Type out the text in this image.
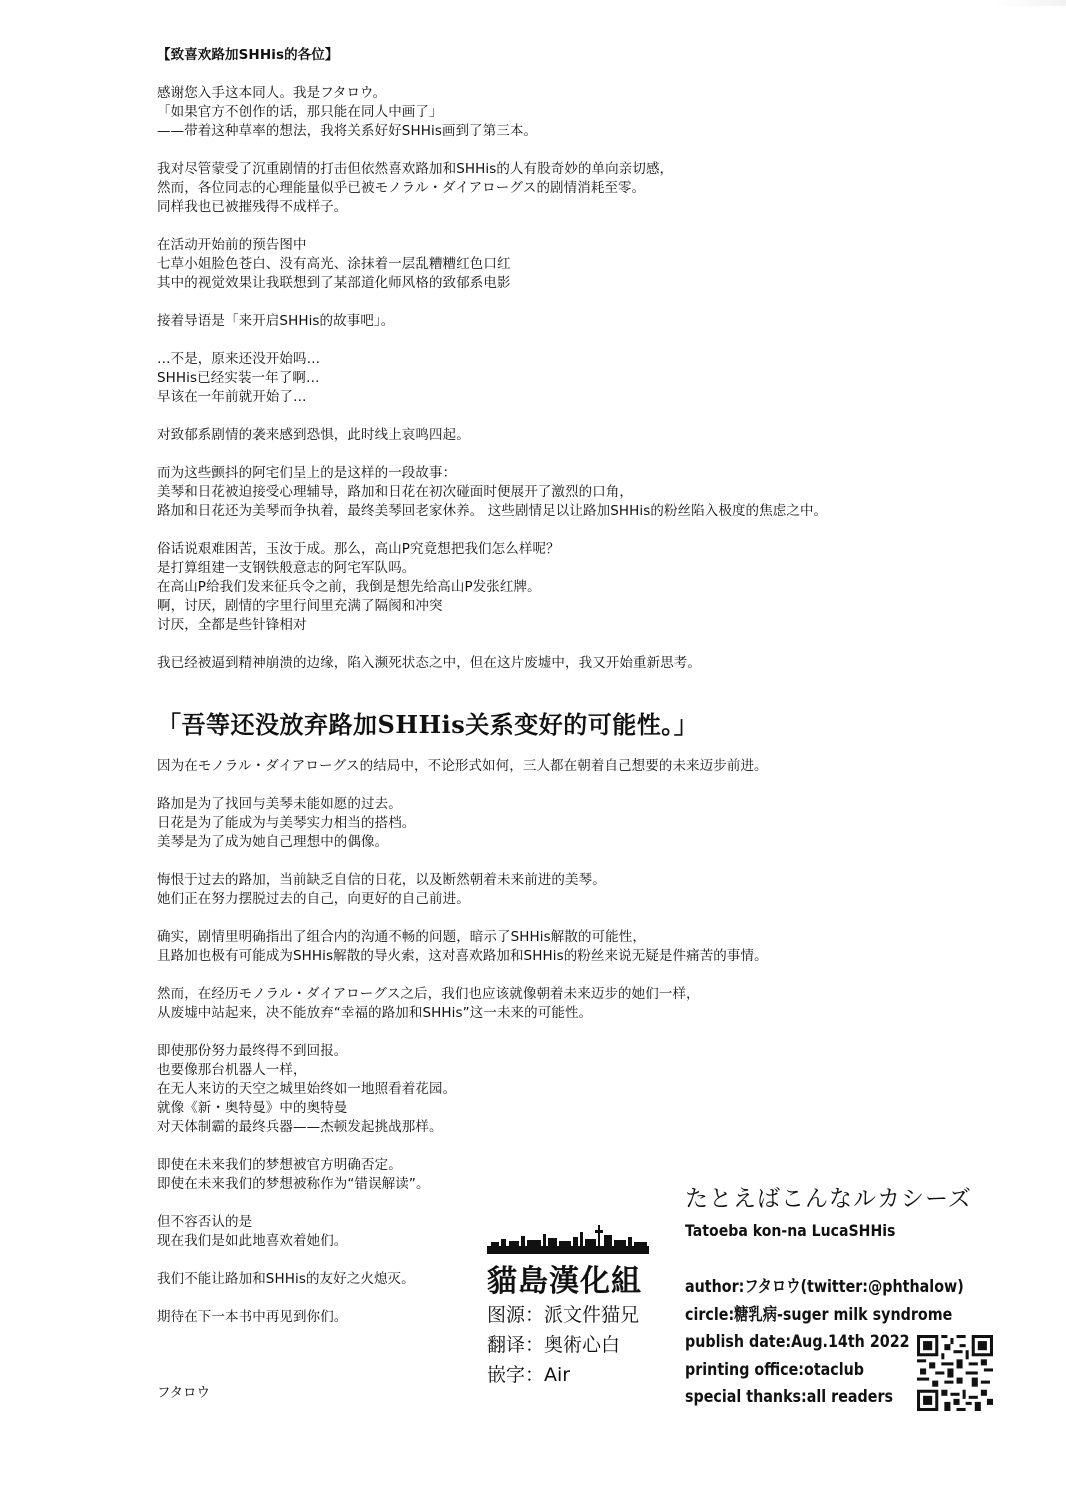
【致喜欢路加SHHis的各位】

感谢您入手这本同人。我是フタロウ。
「如果官方不创作的话，那只能在同人中画了」
——带着这种草率的想法，我将关系好好SHHis画到了第三本。

我对尽管蒙受了沉重剧情的打击但依然喜欢路加和SHHis的人有股奇妙的单向亲切感，
然而，各位同志的心理能量似乎已被モノラル・ダイアローグス的剧情消耗至零。
同样我也已被摧残得不成样子。

在活动开始前的预告图中
七草小姐脸色苍白、没有高光、涂抹着一层乱糟糟红色口红
其中的视觉效果让我联想到了某部道化师风格的致郁系电影

接着导语是「来开启SHHis的故事吧」。

…不是，原来还没开始吗…
SHHis已经实装一年了啊…
早该在一年前就开始了…

对致郁系剧情的袭来感到恐惧，此时线上哀鸣四起。

而为这些颤抖的阿宅们呈上的是这样的一段故事：
美琴和日花被迫接受心理辅导，路加和日花在初次碰面时便展开了激烈的口角，
路加和日花还为美琴而争执着，最终美琴回老家休养。 这些剧情足以让路加SHHis的粉丝陷入极度的焦虑之中。

俗话说艰难困苦，玉汝于成。那么，高山P究竟想把我们怎么样呢？
是打算组建一支钢铁般意志的阿宅军队吗。
在高山P给我们发来征兵令之前，我倒是想先给高山P发张红牌。
啊，讨厌，剧情的字里行间里充满了隔阂和冲突
讨厌，全都是些针锋相对

我已经被逼到精神崩溃的边缘，陷入濒死状态之中，但在这片废墟中，我又开始重新思考。

「吾等还没放弃路加SHHis关系变好的可能性。」

因为在モノラル・ダイアローグス的结局中，不论形式如何，三人都在朝着自己想要的未来迈步前进。

路加是为了找回与美琴未能如愿的过去。
日花是为了能成为与美琴实力相当的搭档。
美琴是为了成为她自己理想中的偶像。

悔恨于过去的路加，当前缺乏自信的日花，以及断然朝着未来前进的美琴。
她们正在努力摆脱过去的自己，向更好的自己前进。

确实，剧情里明确指出了组合内的沟通不畅的问题，暗示了SHHis解散的可能性，
且路加也极有可能成为SHHis解散的导火索，这对喜欢路加和SHHis的粉丝来说无疑是件痛苦的事情。

然而，在经历モノラル・ダイアローグス之后，我们也应该就像朝着未来迈步的她们一样，
从废墟中站起来，决不能放弃“幸福的路加和SHHis”这一未来的可能性。

即使那份努力最终得不到回报。
也要像那台机器人一样，
在无人来访的天空之城里始终如一地照看着花园。
就像《新・奥特曼》中的奥特曼
对天体制霸的最终兵器——杰顿发起挑战那样。

即使在未来我们的梦想被官方明确否定。
即使在未来我们的梦想被称作为“错误解读”。

但不容否认的是
现在我们是如此地喜欢着她们。

我们不能让路加和SHHis的友好之火熄灭。

期待在下一本书中再见到你们。

フタロウ
貓島漢化組
图源：派文件猫兄
翻译：奥術心白
嵌字：Air
たとえばこんなルカシーズ
Tatoeba kon-na LucaSHHis
author:フタロウ(twitter:@phthalow)
circle:糖乳病-suger milk syndrome
publish date:Aug.14th 2022
printing office:otaclub
special thanks:all readers
